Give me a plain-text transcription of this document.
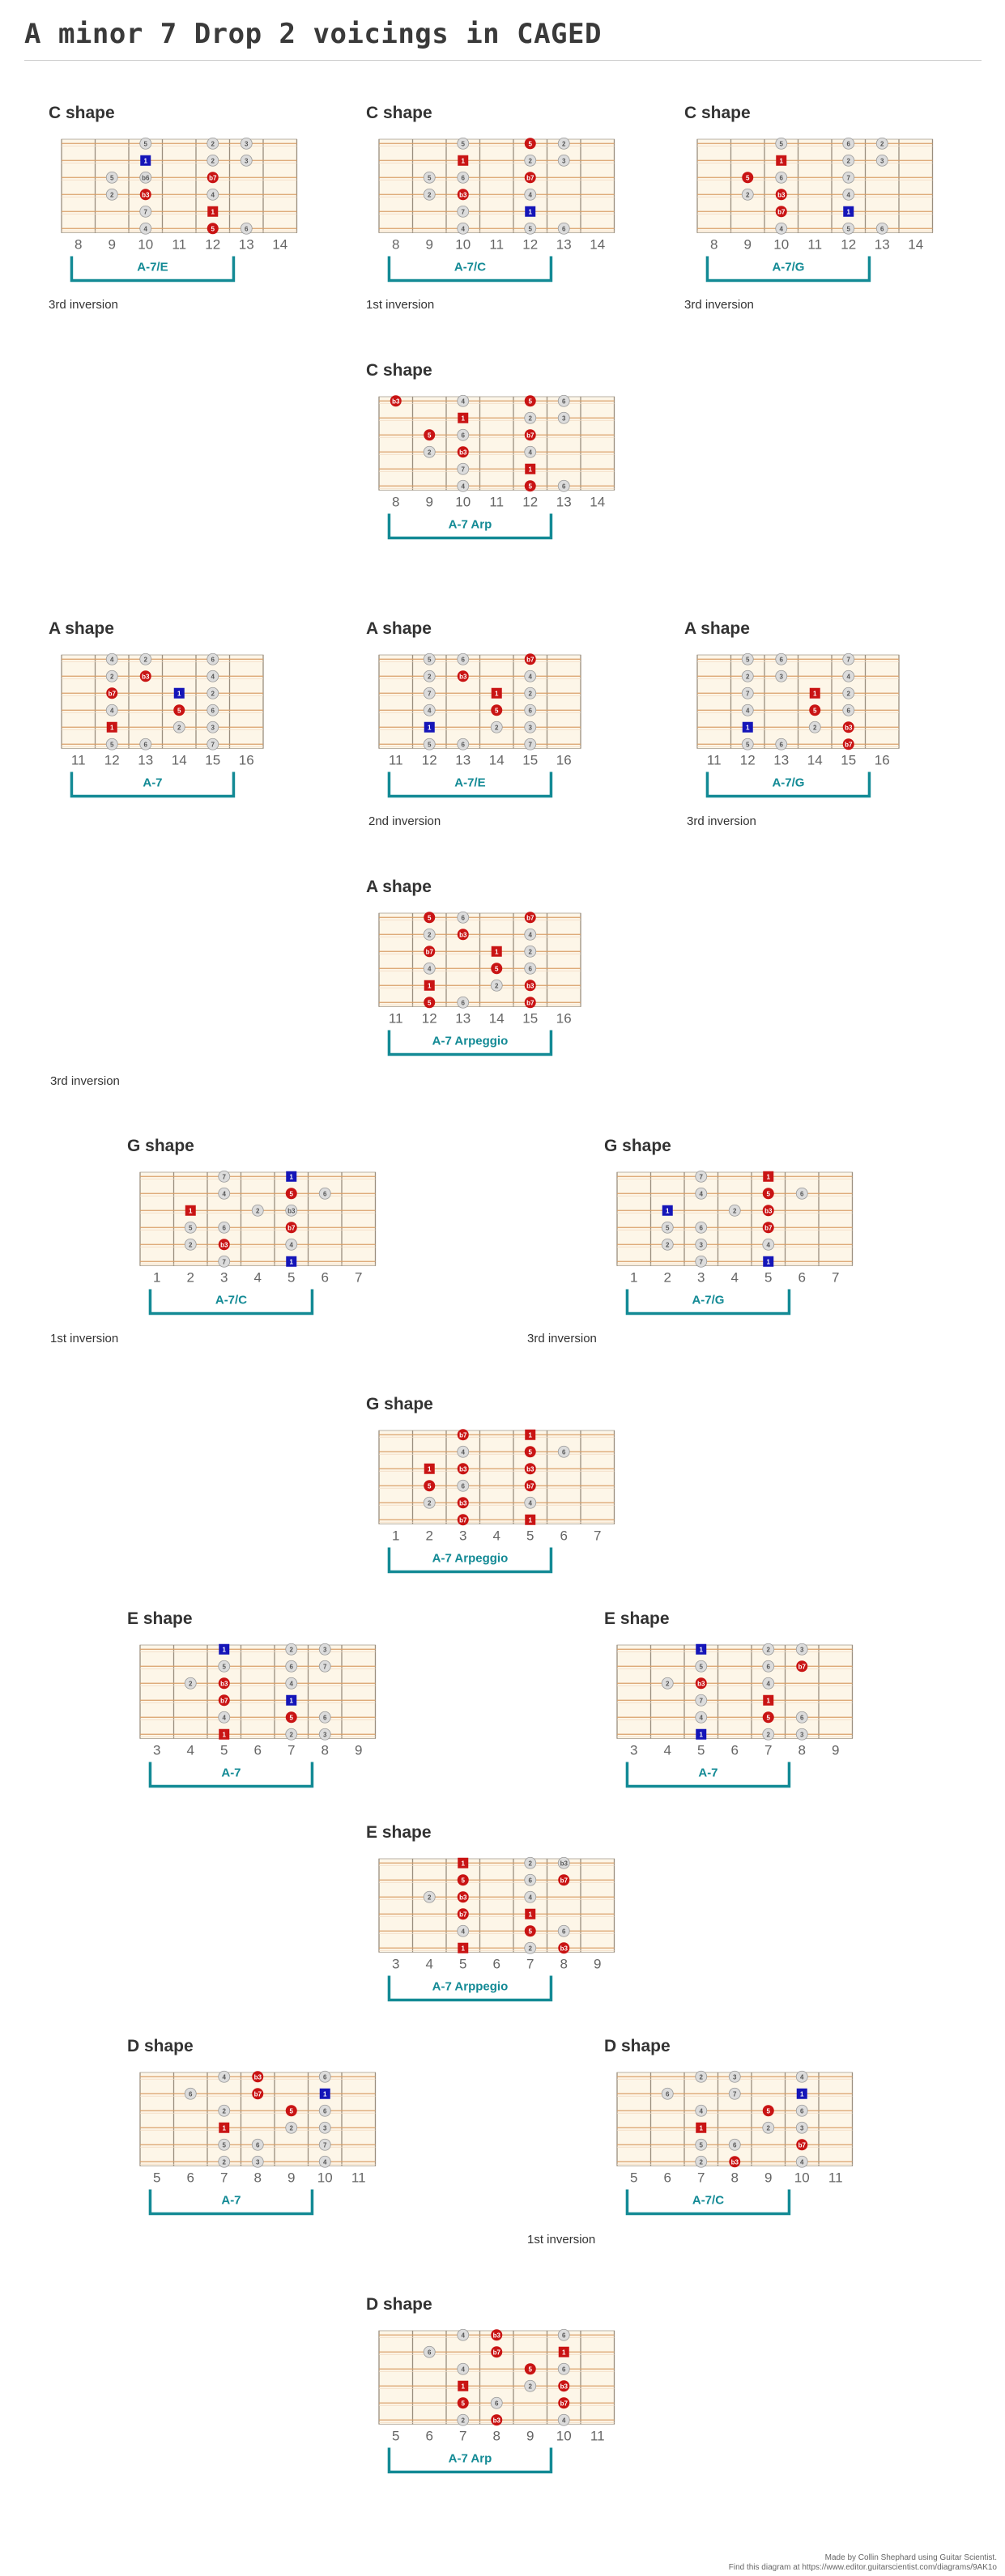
A minor 7 Drop 2 voicings in CAGED
8 9 10 11 12 13 14
5	2	3
1	2	3
5	b6	b7
2	b3	4
7	1
4	5	6
A-7/E
C shape
3rd inversion
8 9 10 11 12 13 14
5	5	2
1	2	3
5	6	b7
2	b3	4
7	1
4	5	6
A-7/C
C shape
1st inversion
8 9 10 11 12 13 14
5	6	2
1	2	3
5	6	7
2	b3	4
b7	1
4	5	6
A-7/G
C shape
3rd inversion
8 9 10 11 12 13 14
b3	4	5	6
1	2	3
5	6	b7
2	b3	4
7	1
4	5	6
A-7 Arp
C shape
11 12 13 14 15 16
4	2	6
2	b3	4
b7	1	2
4	5	6
1	2	3
5	6	7
A-7
A shape
11 12 13 14 15 16
5	6	b7
2	b3	4
7	1	2
4	5	6
1	2	3
5	6	7
A-7/E
A shape
2nd inversion
11 12 13 14 15 16
5	6	7
2	3	4
7	1	2
4	5	6
1	2	b3
5	6	b7
A-7/G
A shape
3rd inversion
11 12 13 14 15 16
5	6	b7
2	b3	4
b7	1	2
4	5	6
1	2	b3
5	6	b7
A-7 Arpeggio
A shape
3rd inversion
1 2 3 4 5 6 7
7	1
4	5	6
1	2	b3
5	6	b7
2	b3	4
7	1
A-7/C
G shape
1st inversion
1 2 3 4 5 6 7
7	1
4	5	6
1	2	b3
5	6	b7
2	3	4
7	1
A-7/G
G shape
3rd inversion
1 2 3 4 5 6 7
b7	1
4	5	6
1	b3	b3
5	6	b7
2	b3	4
b7	1
A-7 Arpeggio
G shape
3 4 5 6 7 8 9
1	2	3
5	6	7
2	b3	4
b7	1
4	5	6
1	2	3
A-7
E shape
3 4 5 6 7 8 9
1	2	3
5	6	b7
2	b3	4
7	1
4	5	6
1	2	3
A-7
E shape
3 4 5 6 7 8 9
1	2	b3
5	6	b7
2	b3	4
b7	1
4	5	6
1	2	b3
A-7 Arppegio
E shape
5 6 7 8 9 10 11
4	b3	6
6	b7	1
2	5	6
1	2	3
5	6	7
2	3	4
A-7
D shape
5 6 7 8 9 10 11
2	3	4
6	7	1
4	5	6
1	2	3
5	6	b7
2	b3	4
A-7/C
D shape
1st inversion
5 6 7 8 9 10 11
4	b3	6
6	b7	1
4	5	6
1	2	b3
5	6	b7
2	b3	4
A-7 Arp
D shape
Made by Collin Shephard using Guitar Scientist.
Find this diagram at https://www.editor.guitarscientist.com/diagrams/9AK1o
